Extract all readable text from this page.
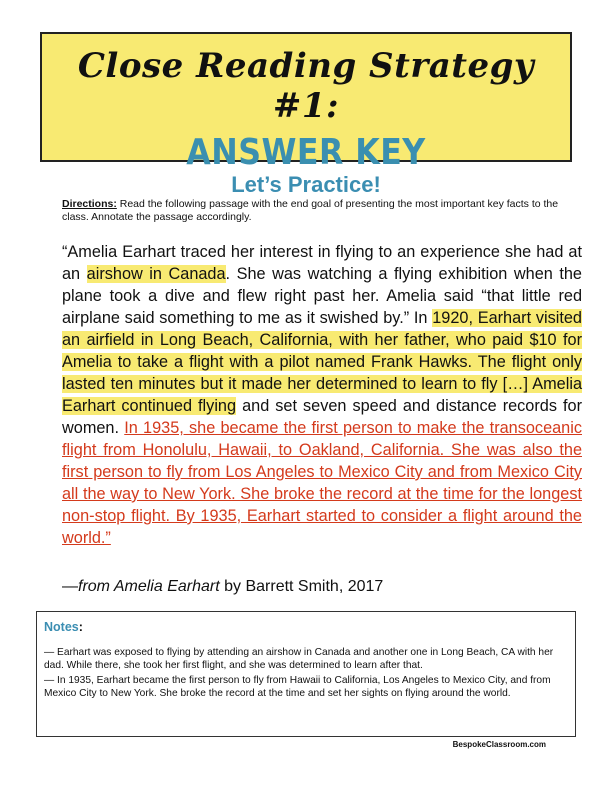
Close Reading Strategy #1:
ANSWER KEY
Let’s Practice!
Directions: Read the following passage with the end goal of presenting the most important key facts to the class. Annotate the passage accordingly.
“Amelia Earhart traced her interest in flying to an experience she had at an airshow in Canada. She was watching a flying exhibition when the plane took a dive and flew right past her. Amelia said “that little red airplane said something to me as it swished by.” In 1920, Earhart visited an airfield in Long Beach, California, with her father, who paid $10 for Amelia to take a flight with a pilot named Frank Hawks. The flight only lasted ten minutes but it made her determined to learn to fly […] Amelia Earhart continued flying and set seven speed and distance records for women. In 1935, she became the first person to make the transoceanic flight from Honolulu, Hawaii, to Oakland, California. She was also the first person to fly from Los Angeles to Mexico City and from Mexico City all the way to New York. She broke the record at the time for the longest non-stop flight. By 1935, Earhart started to consider a flight around the world.”
—from Amelia Earhart by Barrett Smith, 2017
Notes:
— Earhart was exposed to flying by attending an airshow in Canada and another one in Long Beach, CA with her dad. While there, she took her first flight, and she was determined to learn after that.
— In 1935, Earhart became the first person to fly from Hawaii to California, Los Angeles to Mexico City, and from Mexico City to New York. She broke the record at the time and set her sights on flying around the world.
BespokeClassroom.com
